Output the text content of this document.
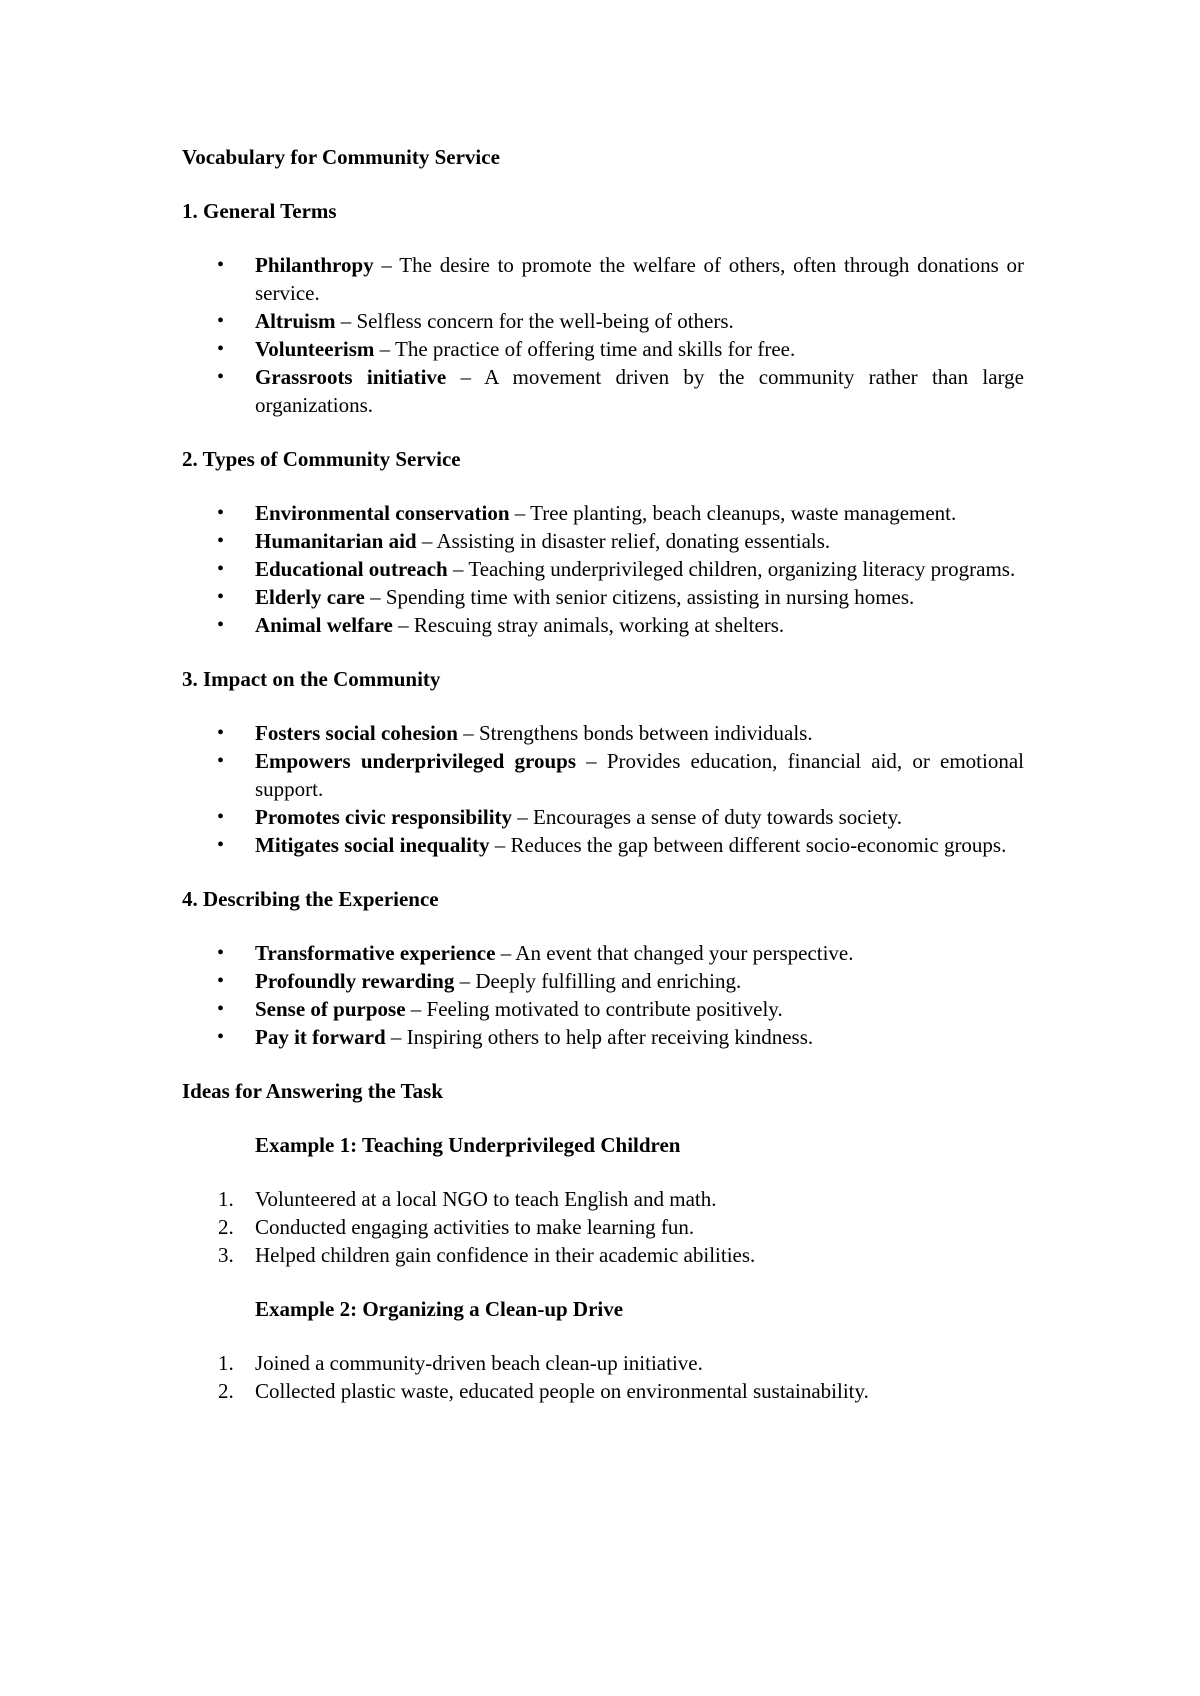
Vocabulary for Community Service

1. General Terms

• Philanthropy – The desire to promote the welfare of others, often through donations or service.
• Altruism – Selfless concern for the well-being of others.
• Volunteerism – The practice of offering time and skills for free.
• Grassroots initiative – A movement driven by the community rather than large organizations.

2. Types of Community Service

• Environmental conservation – Tree planting, beach cleanups, waste management.
• Humanitarian aid – Assisting in disaster relief, donating essentials.
• Educational outreach – Teaching underprivileged children, organizing literacy programs.
• Elderly care – Spending time with senior citizens, assisting in nursing homes.
• Animal welfare – Rescuing stray animals, working at shelters.

3. Impact on the Community

• Fosters social cohesion – Strengthens bonds between individuals.
• Empowers underprivileged groups – Provides education, financial aid, or emotional support.
• Promotes civic responsibility – Encourages a sense of duty towards society.
• Mitigates social inequality – Reduces the gap between different socio-economic groups.

4. Describing the Experience

• Transformative experience – An event that changed your perspective.
• Profoundly rewarding – Deeply fulfilling and enriching.
• Sense of purpose – Feeling motivated to contribute positively.
• Pay it forward – Inspiring others to help after receiving kindness.

Ideas for Answering the Task

Example 1: Teaching Underprivileged Children

1. Volunteered at a local NGO to teach English and math.
2. Conducted engaging activities to make learning fun.
3. Helped children gain confidence in their academic abilities.

Example 2: Organizing a Clean-up Drive

1. Joined a community-driven beach clean-up initiative.
2. Collected plastic waste, educated people on environmental sustainability.
